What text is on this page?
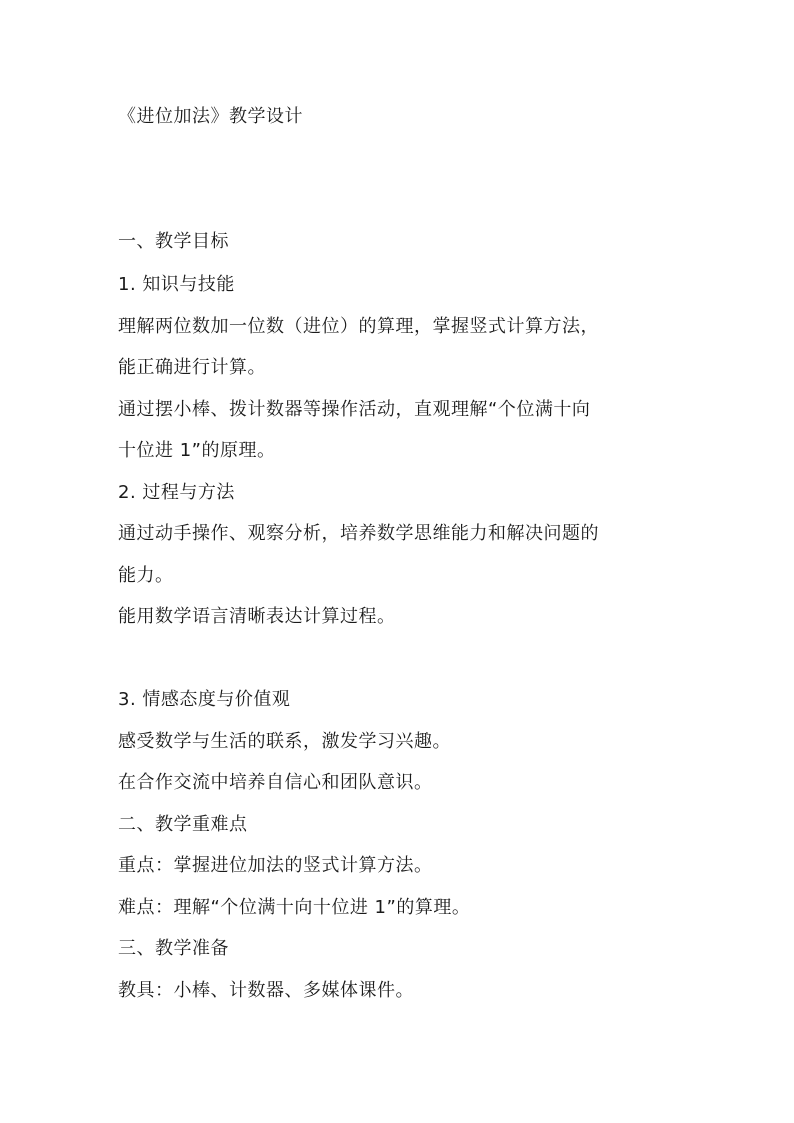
《进位加法》教学设计
一、教学目标
1. 知识与技能
理解两位数加一位数（进位）的算理，掌握竖式计算方法，
能正确进行计算。
通过摆小棒、拨计数器等操作活动，直观理解“个位满十向
十位进 1”的原理。
2. 过程与方法
通过动手操作、观察分析，培养数学思维能力和解决问题的
能力。
能用数学语言清晰表达计算过程。
3. 情感态度与价值观
感受数学与生活的联系，激发学习兴趣。
在合作交流中培养自信心和团队意识。
二、教学重难点
重点：掌握进位加法的竖式计算方法。
难点：理解“个位满十向十位进 1”的算理。
三、教学准备
教具：小棒、计数器、多媒体课件。
